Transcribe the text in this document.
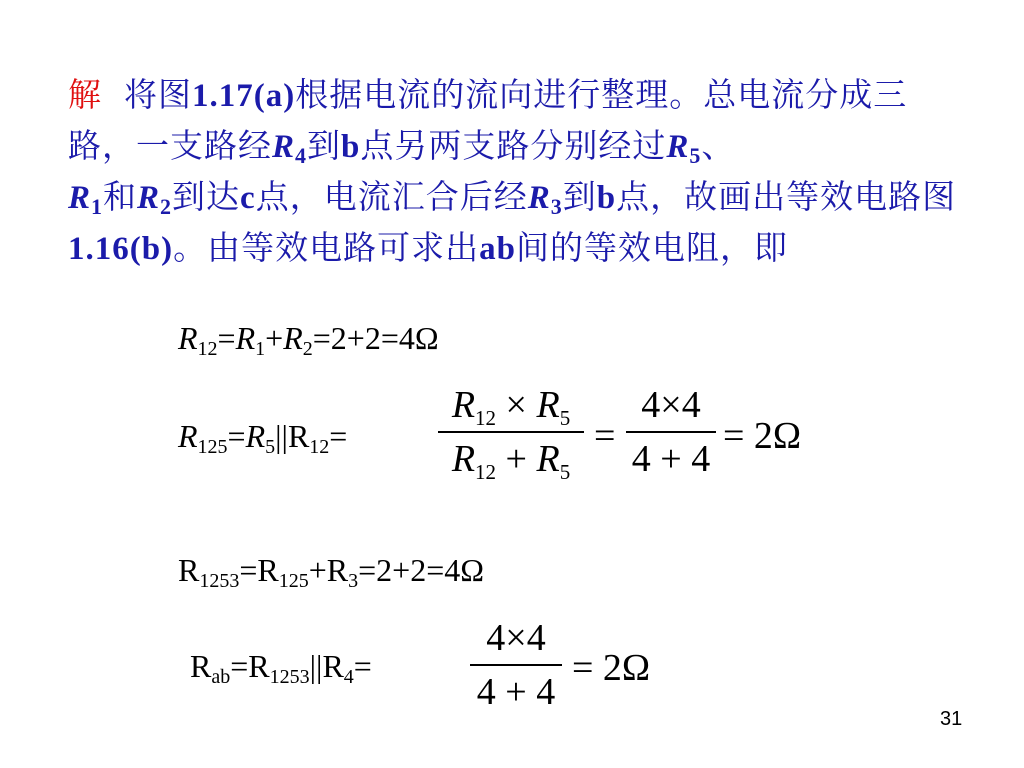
解 将图1.17(a)根据电流的流向进行整理。总电流分成三路，一支路经$R_4$到b点另两支路分别经过$R_5$、
$R_1$和$R_2$到达c点，电流汇合后经$R_3$到b点，故画出等效电路图1.16(b)。由等效电路可求出ab间的等效电阻，即
$R_{12}=R_1+R_2=2+2=4\Omega$
$R_{125}=R_5||R_{12}=$
$R_{12} \times R_5$
$R_{12} + R_5$
=
4×4
4 + 4
= 2Ω
$R_{1253}=R_{125}+R_3=2+2=4\Omega$
$R_{ab}=R_{1253}||R_4=$
4×4
4 + 4
= 2Ω
31
